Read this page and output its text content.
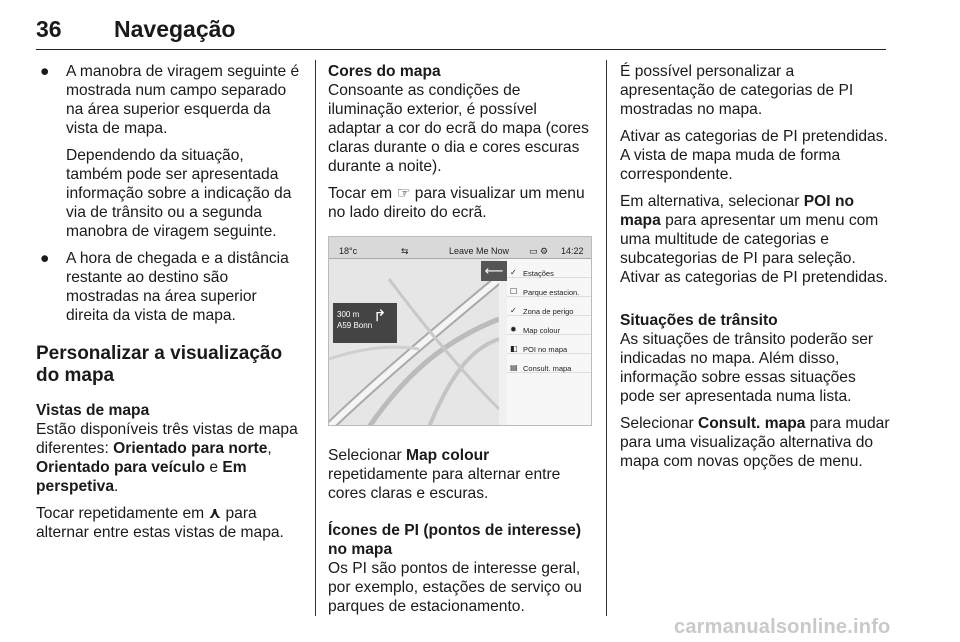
36 Navegação
● A manobra de viragem seguinte é mostrada num campo separado na área superior esquerda da vista de mapa.
Dependendo da situação, também pode ser apresentada informação sobre a indicação da via de trânsito ou a segunda manobra de viragem seguinte.
● A hora de chegada e a distância restante ao destino são mostradas na área superior direita da vista de mapa.
Personalizar a visualização do mapa
Vistas de mapa

Estão disponíveis três vistas de mapa diferentes: Orientado para norte, Orientado para veículo e Em perspetiva.

Tocar repetidamente em ⋏ para alternar entre estas vistas de mapa.

Cores do mapa

Consoante as condições de iluminação exterior, é possível adaptar a cor do ecrã do mapa (cores claras durante o dia e cores escuras durante a noite).

Tocar em ☞ para visualizar um menu no lado direito do ecrã.

18°c	⇆	Leave Me Now ▭ ⚙ 14:22
300 m
A59 Bonn
↱
⟵ ✓ Estações
☐ Parque estacion.
✓ Zona de perigo
✹ Map colour
◧ POI no mapa
▤ Consult. mapa

Selecionar Map colour repetidamente para alternar entre cores claras e escuras.

Ícones de PI (pontos de interesse) no mapa

Os PI são pontos de interesse geral, por exemplo, estações de serviço ou parques de estacionamento.

É possível personalizar a apresentação de categorias de PI mostradas no mapa.

Ativar as categorias de PI pretendidas. A vista de mapa muda de forma correspondente.

Em alternativa, selecionar POI no mapa para apresentar um menu com uma multitude de categorias e subcategorias de PI para seleção. Ativar as categorias de PI pretendidas.

Situações de trânsito

As situações de trânsito poderão ser indicadas no mapa. Além disso, informação sobre essas situações pode ser apresentada numa lista.

Selecionar Consult. mapa para mudar para uma visualização alternativa do mapa com novas opções de menu.

carmanualsonline.info
